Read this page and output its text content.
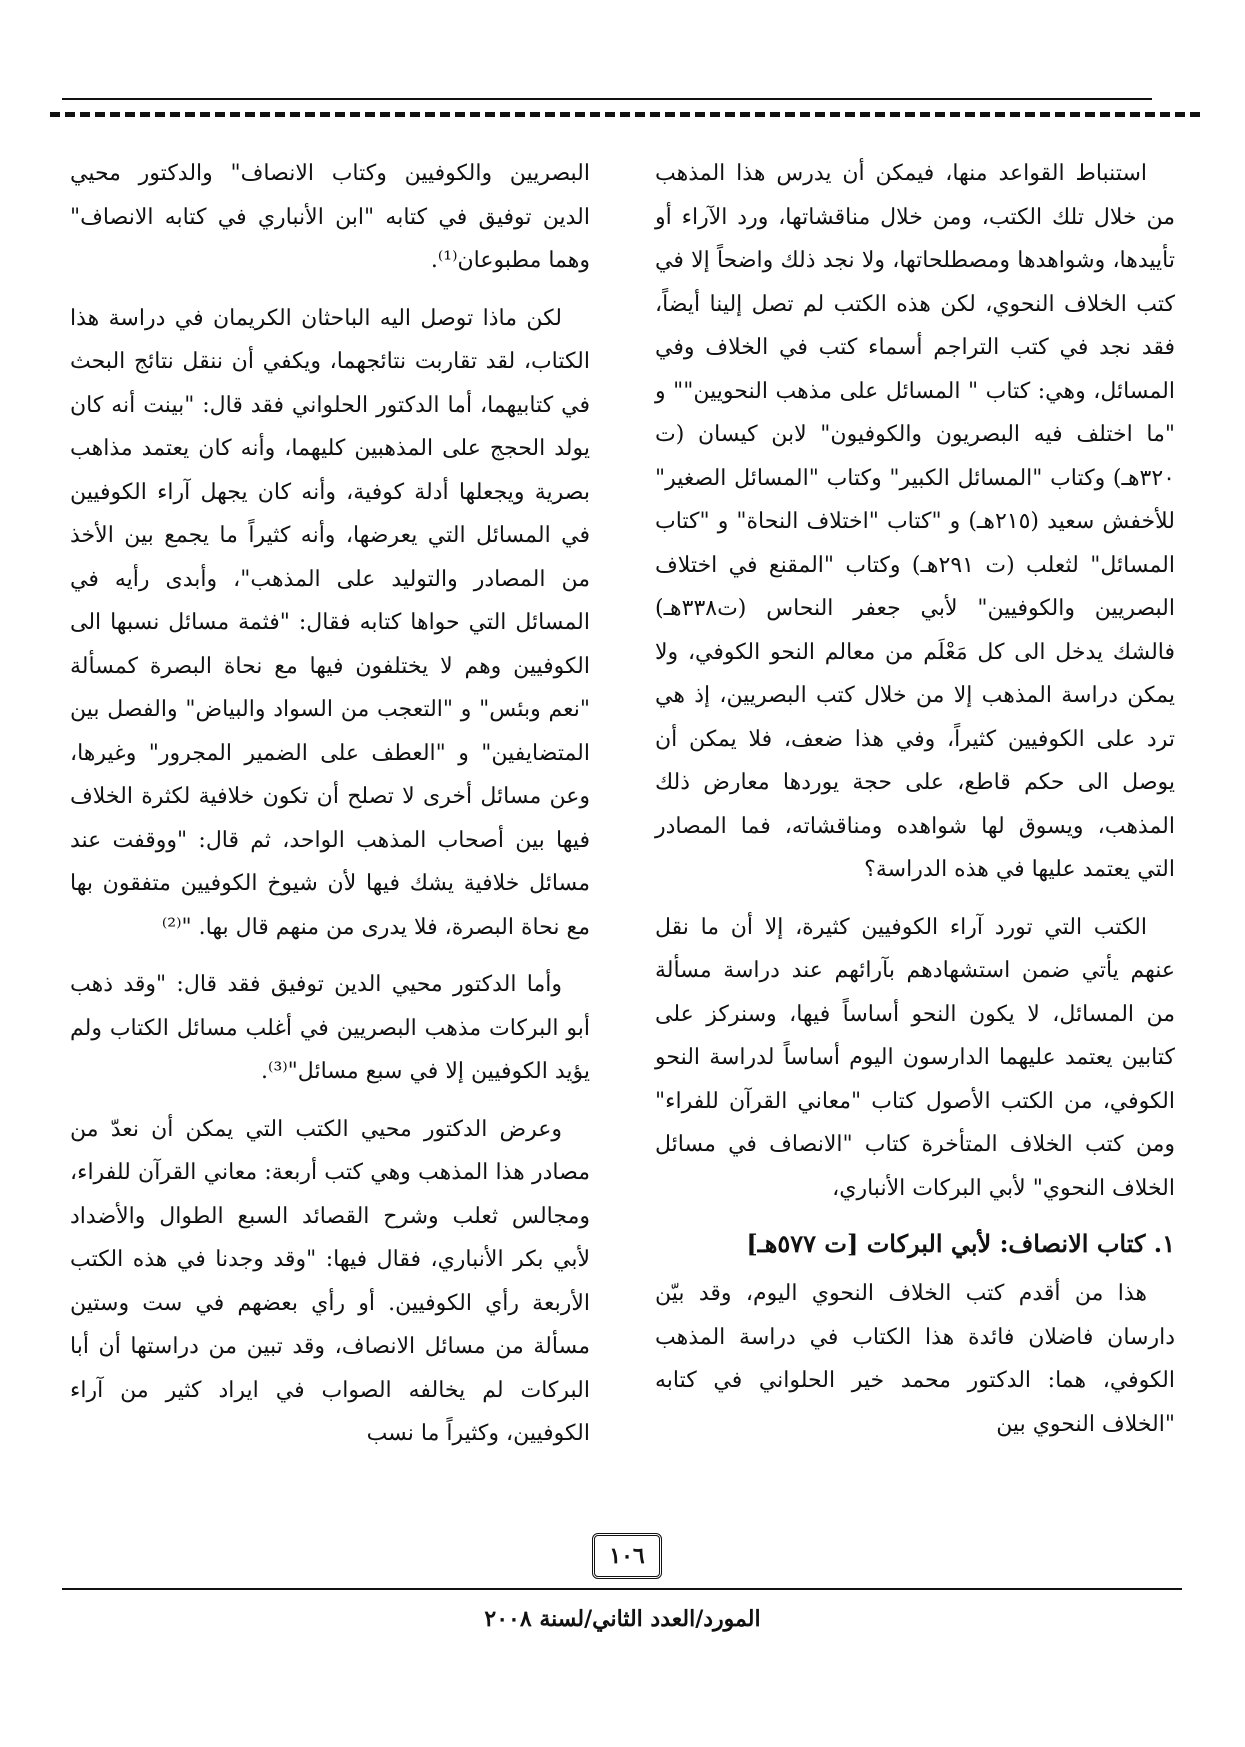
استنباط القواعد منها، فيمكن أن يدرس هذا المذهب من خلال تلك الكتب، ومن خلال مناقشاتها، ورد الآراء أو تأييدها، وشواهدها ومصطلحاتها، ولا نجد ذلك واضحاً إلا في كتب الخلاف النحوي، لكن هذه الكتب لم تصل إلينا أيضاً، فقد نجد في كتب التراجم أسماء كتب في الخلاف وفي المسائل، وهي: كتاب " المسائل على مذهب النحويين"" و "ما اختلف فيه البصريون والكوفيون" لابن كيسان (ت ٣٢٠هـ) وكتاب "المسائل الكبير" وكتاب "المسائل الصغير" للأخفش سعيد (٢١٥هـ) و "كتاب "اختلاف النحاة" و "كتاب المسائل" لثعلب (ت ٢٩١هـ) وكتاب "المقنع في اختلاف البصريين والكوفيين" لأبي جعفر النحاس (ت٣٣٨هـ) فالشك يدخل الى كل مَعْلَم من معالم النحو الكوفي، ولا يمكن دراسة المذهب إلا من خلال كتب البصريين، إذ هي ترد على الكوفيين كثيراً، وفي هذا ضعف، فلا يمكن أن يوصل الى حكم قاطع، على حجة يوردها معارض ذلك المذهب، ويسوق لها شواهده ومناقشاته، فما المصادر التي يعتمد عليها في هذه الدراسة؟

الكتب التي تورد آراء الكوفيين كثيرة، إلا أن ما نقل عنهم يأتي ضمن استشهادهم بآرائهم عند دراسة مسألة من المسائل، لا يكون النحو أساساً فيها، وسنركز على كتابين يعتمد عليهما الدارسون اليوم أساساً لدراسة النحو الكوفي، من الكتب الأصول كتاب "معاني القرآن للفراء" ومن كتب الخلاف المتأخرة كتاب "الانصاف في مسائل الخلاف النحوي" لأبي البركات الأنباري،

١. كتاب الانصاف: لأبي البركات [ت ٥٧٧هـ]

هذا من أقدم كتب الخلاف النحوي اليوم، وقد بيّن دارسان فاضلان فائدة هذا الكتاب في دراسة المذهب الكوفي، هما: الدكتور محمد خير الحلواني في كتابه "الخلاف النحوي بين

البصريين والكوفيين وكتاب الانصاف" والدكتور محيي الدين توفيق في كتابه "ابن الأنباري في كتابه الانصاف" وهما مطبوعان⁽¹⁾.

لكن ماذا توصل اليه الباحثان الكريمان في دراسة هذا الكتاب، لقد تقاربت نتائجهما، ويكفي أن ننقل نتائج البحث في كتابيهما، أما الدكتور الحلواني فقد قال: "بينت أنه كان يولد الحجج على المذهبين كليهما، وأنه كان يعتمد مذاهب بصرية ويجعلها أدلة كوفية، وأنه كان يجهل آراء الكوفيين في المسائل التي يعرضها، وأنه كثيراً ما يجمع بين الأخذ من المصادر والتوليد على المذهب"، وأبدى رأيه في المسائل التي حواها كتابه فقال: "فثمة مسائل نسبها الى الكوفيين وهم لا يختلفون فيها مع نحاة البصرة كمسألة "نعم وبئس" و "التعجب من السواد والبياض" والفصل بين المتضايفين" و "العطف على الضمير المجرور" وغيرها، وعن مسائل أخرى لا تصلح أن تكون خلافية لكثرة الخلاف فيها بين أصحاب المذهب الواحد، ثم قال: "ووقفت عند مسائل خلافية يشك فيها لأن شيوخ الكوفيين متفقون بها مع نحاة البصرة، فلا يدرى من منهم قال بها. "⁽²⁾

وأما الدكتور محيي الدين توفيق فقد قال: "وقد ذهب أبو البركات مذهب البصريين في أغلب مسائل الكتاب ولم يؤيد الكوفيين إلا في سبع مسائل"⁽³⁾.

وعرض الدكتور محيي الكتب التي يمكن أن نعدّ من مصادر هذا المذهب وهي كتب أربعة: معاني القرآن للفراء، ومجالس ثعلب وشرح القصائد السبع الطوال والأضداد لأبي بكر الأنباري، فقال فيها: "وقد وجدنا في هذه الكتب الأربعة رأي الكوفيين. أو رأي بعضهم في ست وستين مسألة من مسائل الانصاف، وقد تبين من دراستها أن أبا البركات لم يخالفه الصواب في ايراد كثير من آراء الكوفيين، وكثيراً ما نسب

١٠٦
المورد/العدد الثاني/لسنة ٢٠٠٨
